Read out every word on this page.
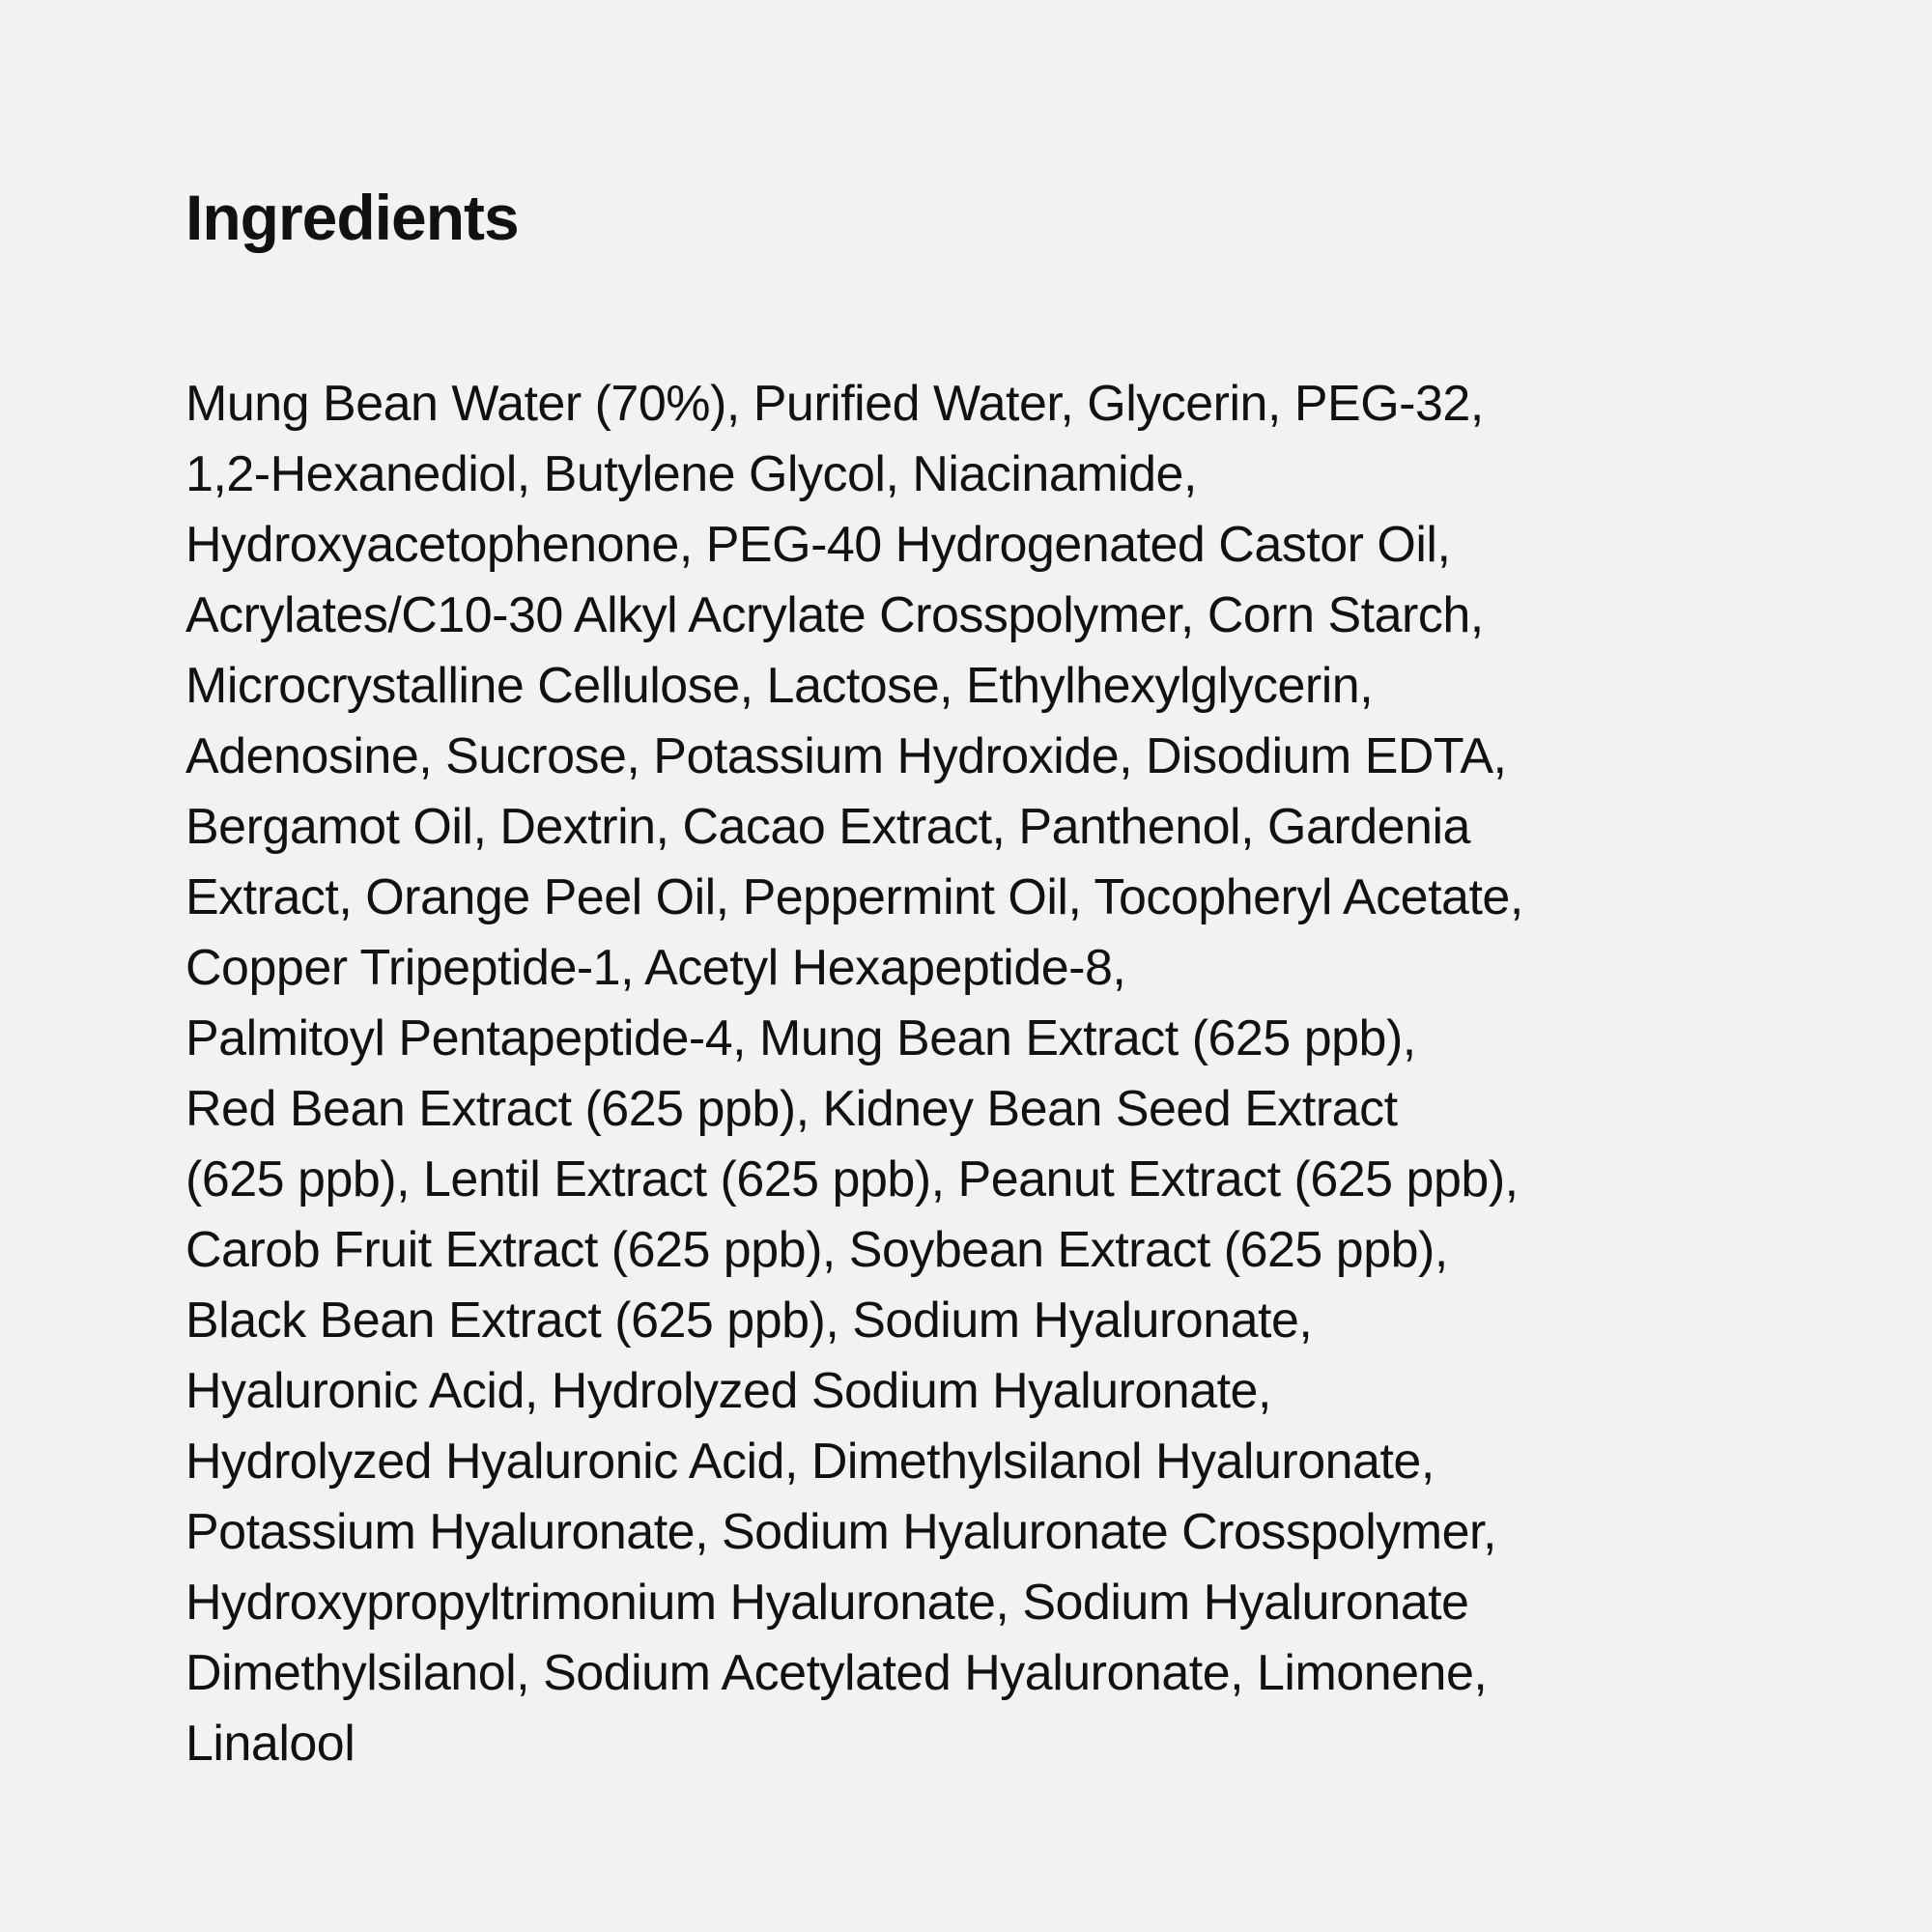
Ingredients
Mung Bean Water (70%), Purified Water, Glycerin, PEG-32,
1,2-Hexanediol, Butylene Glycol, Niacinamide,
Hydroxyacetophenone, PEG-40 Hydrogenated Castor Oil,
Acrylates/C10-30 Alkyl Acrylate Crosspolymer, Corn Starch,
Microcrystalline Cellulose, Lactose, Ethylhexylglycerin,
Adenosine, Sucrose, Potassium Hydroxide, Disodium EDTA,
Bergamot Oil, Dextrin, Cacao Extract, Panthenol, Gardenia
Extract, Orange Peel Oil, Peppermint Oil, Tocopheryl Acetate,
Copper Tripeptide-1, Acetyl Hexapeptide-8,
Palmitoyl Pentapeptide-4, Mung Bean Extract (625 ppb),
Red Bean Extract (625 ppb), Kidney Bean Seed Extract
(625 ppb), Lentil Extract (625 ppb), Peanut Extract (625 ppb),
Carob Fruit Extract (625 ppb), Soybean Extract (625 ppb),
Black Bean Extract (625 ppb), Sodium Hyaluronate,
Hyaluronic Acid, Hydrolyzed Sodium Hyaluronate,
Hydrolyzed Hyaluronic Acid, Dimethylsilanol Hyaluronate,
Potassium Hyaluronate, Sodium Hyaluronate Crosspolymer,
Hydroxypropyltrimonium Hyaluronate, Sodium Hyaluronate
Dimethylsilanol, Sodium Acetylated Hyaluronate, Limonene,
Linalool
